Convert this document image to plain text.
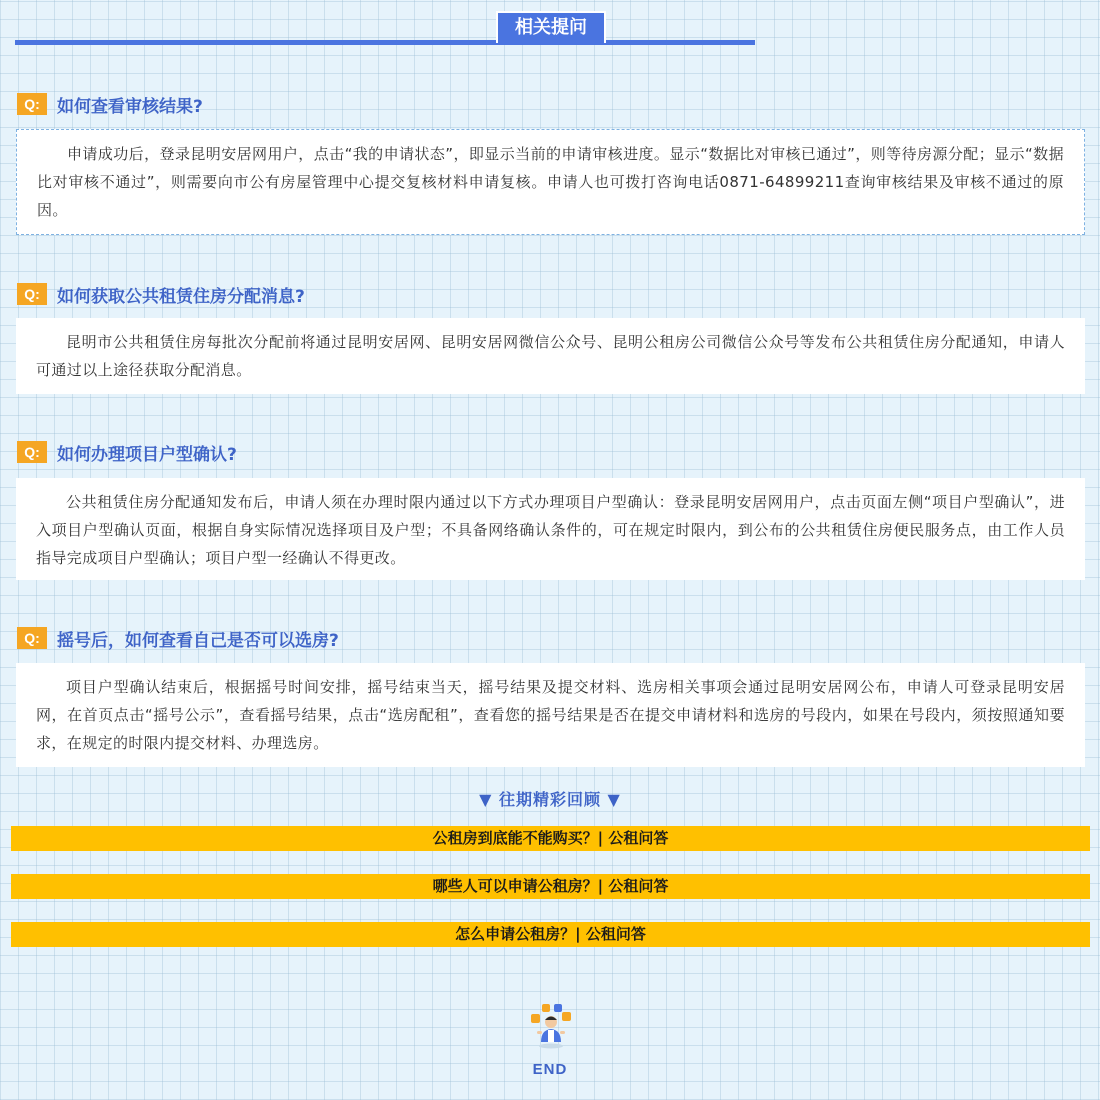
相关提问
Q:	如何查看审核结果?
申请成功后，登录昆明安居网用户，点击“我的申请状态”，即显示当前的申请审核进度。显示“数据比对审核已通过”，则等待房源分配；显示“数据比对审核不通过”，则需要向市公有房屋管理中心提交复核材料申请复核。申请人也可拨打咨询电话0871-64899211查询审核结果及审核不通过的原因。
Q:	如何获取公共租赁住房分配消息?
昆明市公共租赁住房每批次分配前将通过昆明安居网、昆明安居网微信公众号、昆明公租房公司微信公众号等发布公共租赁住房分配通知，申请人可通过以上途径获取分配消息。
Q:	如何办理项目户型确认?
公共租赁住房分配通知发布后，申请人须在办理时限内通过以下方式办理项目户型确认：登录昆明安居网用户，点击页面左侧“项目户型确认”，进入项目户型确认页面，根据自身实际情况选择项目及户型；不具备网络确认条件的，可在规定时限内，到公布的公共租赁住房便民服务点，由工作人员指导完成项目户型确认；项目户型一经确认不得更改。
Q:	摇号后，如何查看自己是否可以选房?
项目户型确认结束后，根据摇号时间安排，摇号结束当天，摇号结果及提交材料、选房相关事项会通过昆明安居网公布，申请人可登录昆明安居网，在首页点击“摇号公示”，查看摇号结果，点击“选房配租”，查看您的摇号结果是否在提交申请材料和选房的号段内，如果在号段内，须按照通知要求，在规定的时限内提交材料、办理选房。
▼ 往期精彩回顾 ▼
公租房到底能不能购买？| 公租问答
哪些人可以申请公租房？| 公租问答
怎么申请公租房？| 公租问答
END
